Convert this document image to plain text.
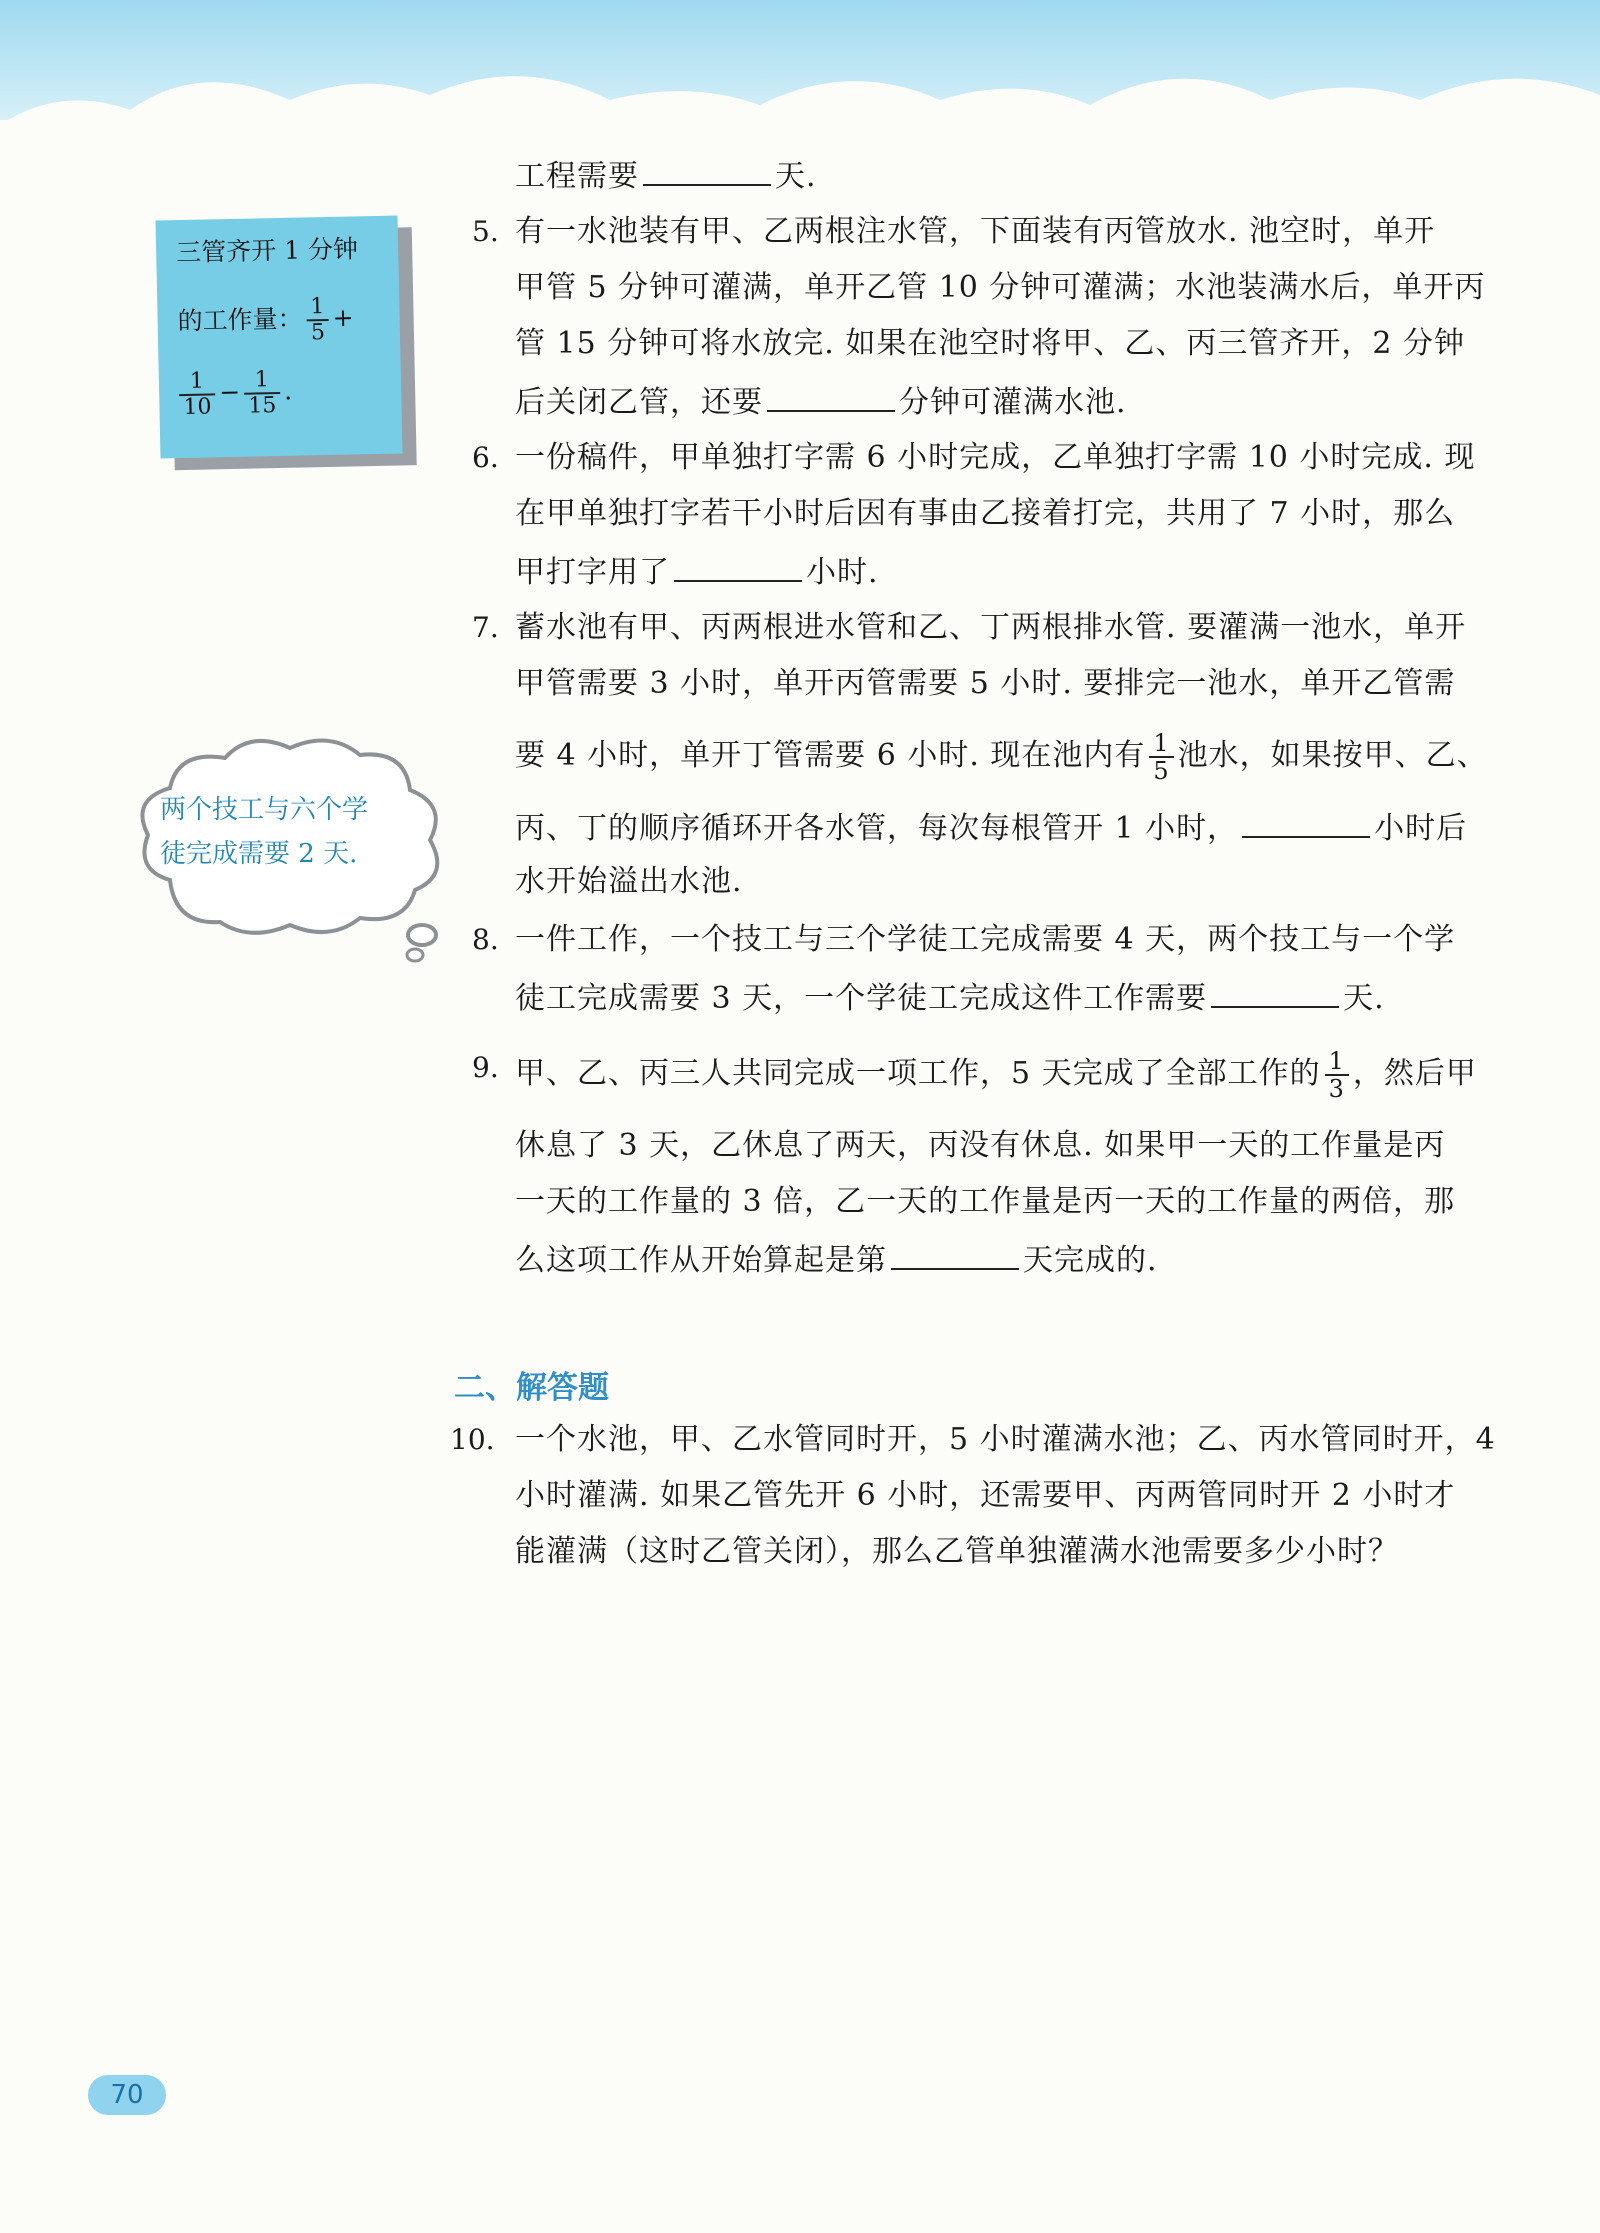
三管齐开 1 分钟
的工作量： $\frac{1}{5}$ +
$\frac{1}{10} - \frac{1}{15}$ .
两个技工与六个学
徒完成需要 2 天.
工程需要	天.
5. 有一水池装有甲、乙两根注水管，下面装有丙管放水. 池空时，单开
甲管 5 分钟可灌满，单开乙管 10 分钟可灌满；水池装满水后，单开丙
管 15 分钟可将水放完. 如果在池空时将甲、乙、丙三管齐开，2 分钟
后关闭乙管，还要	分钟可灌满水池.
6. 一份稿件，甲单独打字需 6 小时完成，乙单独打字需 10 小时完成. 现
在甲单独打字若干小时后因有事由乙接着打完，共用了 7 小时，那么
甲打字用了	小时.
7. 蓄水池有甲、丙两根进水管和乙、丁两根排水管. 要灌满一池水，单开
甲管需要 3 小时，单开丙管需要 5 小时. 要排完一池水，单开乙管需
要 4 小时，单开丁管需要 6 小时. 现在池内有 $\frac{1}{5}$ 池水，如果按甲、乙、
丙、丁的顺序循环开各水管，每次每根管开 1 小时，	小时后
水开始溢出水池.
8. 一件工作，一个技工与三个学徒工完成需要 4 天，两个技工与一个学
徒工完成需要 3 天，一个学徒工完成这件工作需要	天.
9. 甲、乙、丙三人共同完成一项工作，5 天完成了全部工作的 $\frac{1}{3}$ ，然后甲
休息了 3 天，乙休息了两天，丙没有休息. 如果甲一天的工作量是丙
一天的工作量的 3 倍，乙一天的工作量是丙一天的工作量的两倍，那
么这项工作从开始算起是第	天完成的.
二、解答题
10. 一个水池，甲、乙水管同时开，5 小时灌满水池；乙、丙水管同时开，4
小时灌满. 如果乙管先开 6 小时，还需要甲、丙两管同时开 2 小时才
能灌满（这时乙管关闭），那么乙管单独灌满水池需要多少小时？
70
